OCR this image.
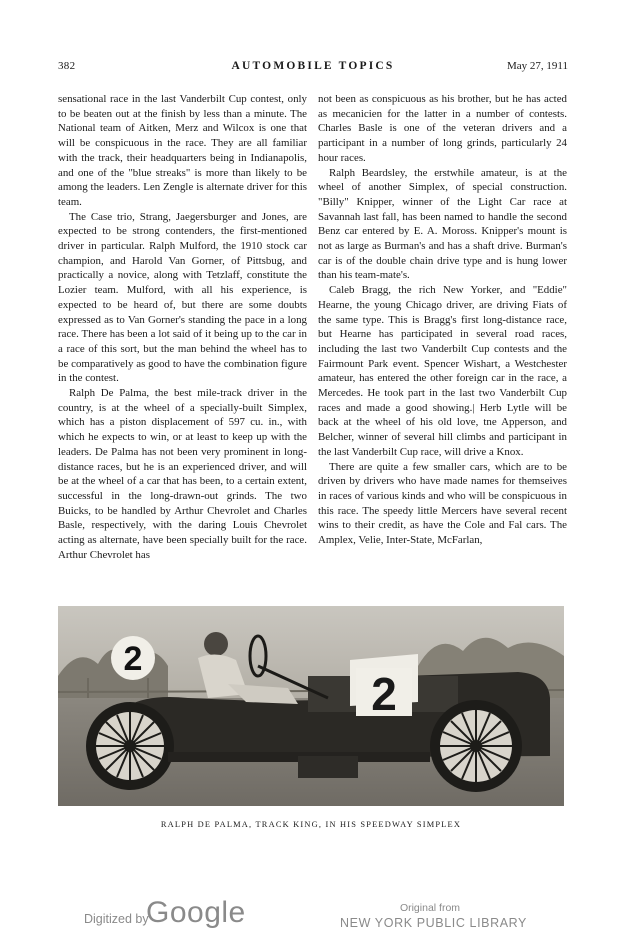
382	AUTOMOBILE TOPICS	May 27, 1911

sensational race in the last Vanderbilt Cup contest, only to be beaten out at the finish by less than a minute. The National team of Aitken, Merz and Wilcox is one that will be conspicuous in the race. They are all familiar with the track, their headquarters being in Indianapolis, and one of the "blue streaks" is more than likely to be among the leaders. Len Zengle is alternate driver for this team.

The Case trio, Strang, Jaegersburger and Jones, are expected to be strong contenders, the first-mentioned driver in particular. Ralph Mulford, the 1910 stock car champion, and Harold Van Gorner, of Pittsbug, and practically a novice, along with Tetzlaff, constitute the Lozier team. Mulford, with all his experience, is expected to be heard of, but there are some doubts expressed as to Van Gorner's standing the pace in a long race. There has been a lot said of it being up to the car in a race of this sort, but the man behind the wheel has to be comparatively as good to have the combination figure in the contest.

Ralph De Palma, the best mile-track driver in the country, is at the wheel of a specially-built Simplex, which has a piston displacement of 597 cu. in., with which he expects to win, or at least to keep up with the leaders. De Palma has not been very prominent in long-distance races, but he is an experienced driver, and will be at the wheel of a car that has been, to a certain extent, successful in the long-drawn-out grinds. The two Buicks, to be handled by Arthur Chevrolet and Charles Basle, respectively, with the daring Louis Chevrolet acting as alternate, have been specially built for the race. Arthur Chevrolet has

not been as conspicuous as his brother, but he has acted as mecanicien for the latter in a number of contests. Charles Basle is one of the veteran drivers and a participant in a number of long grinds, particularly 24 hour races.

Ralph Beardsley, the erstwhile amateur, is at the wheel of another Simplex, of special construction. "Billy" Knipper, winner of the Light Car race at Savannah last fall, has been named to handle the second Benz car entered by E. A. Moross. Knipper's mount is not as large as Burman's and has a shaft drive. Burman's car is of the double chain drive type and is hung lower than his team-mate's.

Caleb Bragg, the rich New Yorker, and "Eddie" Hearne, the young Chicago driver, are driving Fiats of the same type. This is Bragg's first long-distance race, but Hearne has participated in several road races, including the last two Vanderbilt Cup contests and the Fairmount Park event. Spencer Wishart, a Westchester amateur, has entered the other foreign car in the race, a Mercedes. He took part in the last two Vanderbilt Cup races and made a good showing.| Herb Lytle will be back at the wheel of his old love, tne Apperson, and Belcher, winner of several hill climbs and participant in the last Vanderbilt Cup race, will drive a Knox.

There are quite a few smaller cars, which are to be driven by drivers who have made names for themseives in races of various kinds and who will be conspicuous in this race. The speedy little Mercers have several recent wins to their credit, as have the Cole and Fal cars. The Amplex, Velie, Inter-State, McFarlan,

2
2
RALPH DE PALMA, TRACK KING, IN HIS SPEEDWAY SIMPLEX
Digitized by
Google	Original from
NEW YORK PUBLIC LIBRARY
